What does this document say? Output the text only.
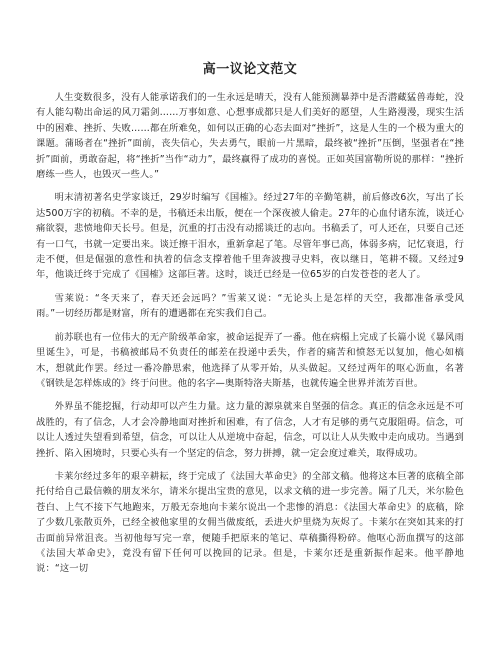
高一议论文范文

人生变数很多，没有人能承诺我们的一生永远是晴天，没有人能预测暴莽中是否潜藏猛兽毒蛇，没有人能勾勒出命运的风刀霜剑……万事如意、心想事成都只是人们美好的愿望，人生路漫漫，现实生活中的困难、挫折、失败……都在所难免，如何以正确的心态去面对“挫折”，这是人生的一个极为重大的课题。蒲旸者在“挫折”面前，丧失信心，失去勇气，眼前一片黑暗，最终被“挫折”压倒，坚强者在“挫折”面前，勇敢奋起，将“挫折”当作“动力”，最终赢得了成功的喜悦。正如英国富勒所说的那样：“挫折磨练一些人，也毁灭一些人。”

明末清初著名史学家谈迁，29岁时编写《国榷》。经过27年的辛勤笔耕，前后修改6次，写出了长达500万字的初稿。不幸的是，书稿还未出版，便在一个深夜被人偷走。27年的心血付诸东流，谈迁心痛欲裂，悲愤地仰天长号。但是，沉重的打击没有动摇谈迁的志向。书稿丢了，可人还在，只要自己还有一口气，书就一定要出来。谈迁擦干泪水，重新拿起了笔。尽管年事已高，体弱多病，记忆衰退，行走不便，但是倔强的意性和执着的信念支撑着他千里奔波搜寻史料，夜以继日，笔耕不辍。又经过9年，他谈迁终于完成了《国榷》这部巨著。这时，谈迁已经是一位65岁的白发苍苍的老人了。

雪莱说：“冬天来了，春天还会远吗？”雪莱又说：“无论头上是怎样的天空，我都准备承受风雨。”一切经历都是财富，所有的遭遇都在充实我们自己。

前苏联也有一位伟大的无产阶级革命家，被命运捉弄了一番。他在病榻上完成了长篇小说《暴风雨里诞生》，可是，书稿被邮局不负责任的邮差在投递中丢失，作者的痛苦和愤怒无以复加，他心如槁木，想就此作罢。经过一番冷静思索，他选择了从零开始，从头做起。又经过两年的呕心沥血，名著《钢铁是怎样炼成的》终于问世。他的名字—奥斯特洛夫斯基，也就传遍全世界并流芳百世。

外界虽不能挖掘，行动却可以产生力量。这力量的源泉就来自坚强的信念。真正的信念永远是不可战胜的，有了信念，人才会冷静地面对挫折和困难，有了信念，人才有足够的勇气克服阻碍。信念，可以让人透过失望看到希望，信念，可以让人从逆境中奋起，信念，可以让人从失败中走向成功。当遇到挫折、陷入困境时，只要心头有一个坚定的信念，努力拼搏，就一定会度过难关，取得成功。

卡莱尔经过多年的艰辛耕耘，终于完成了《法国大革命史》的全部文稿。他将这本巨著的底稿全部托付给自己最信赖的朋友米尔，请米尔提出宝贵的意见，以求文稿的进一步完善。隔了几天，米尔脸色苍白、上气不接下气地跑来，万般无奈地向卡莱尔说出一个悲惨的消息：《法国大革命史》的底稿，除了少数几张散页外，已经全被他家里的女佣当做废纸，丢进火炉里烧为灰烬了。卡莱尔在突如其来的打击面前异常沮丧。当初他每写完一章，便随手把原来的笔记、草稿撕得粉碎。他呕心沥血撰写的这部《法国大革命史》，竟没有留下任何可以挽回的记录。但是，卡莱尔还是重新振作起来。他平静地说：“这一切
